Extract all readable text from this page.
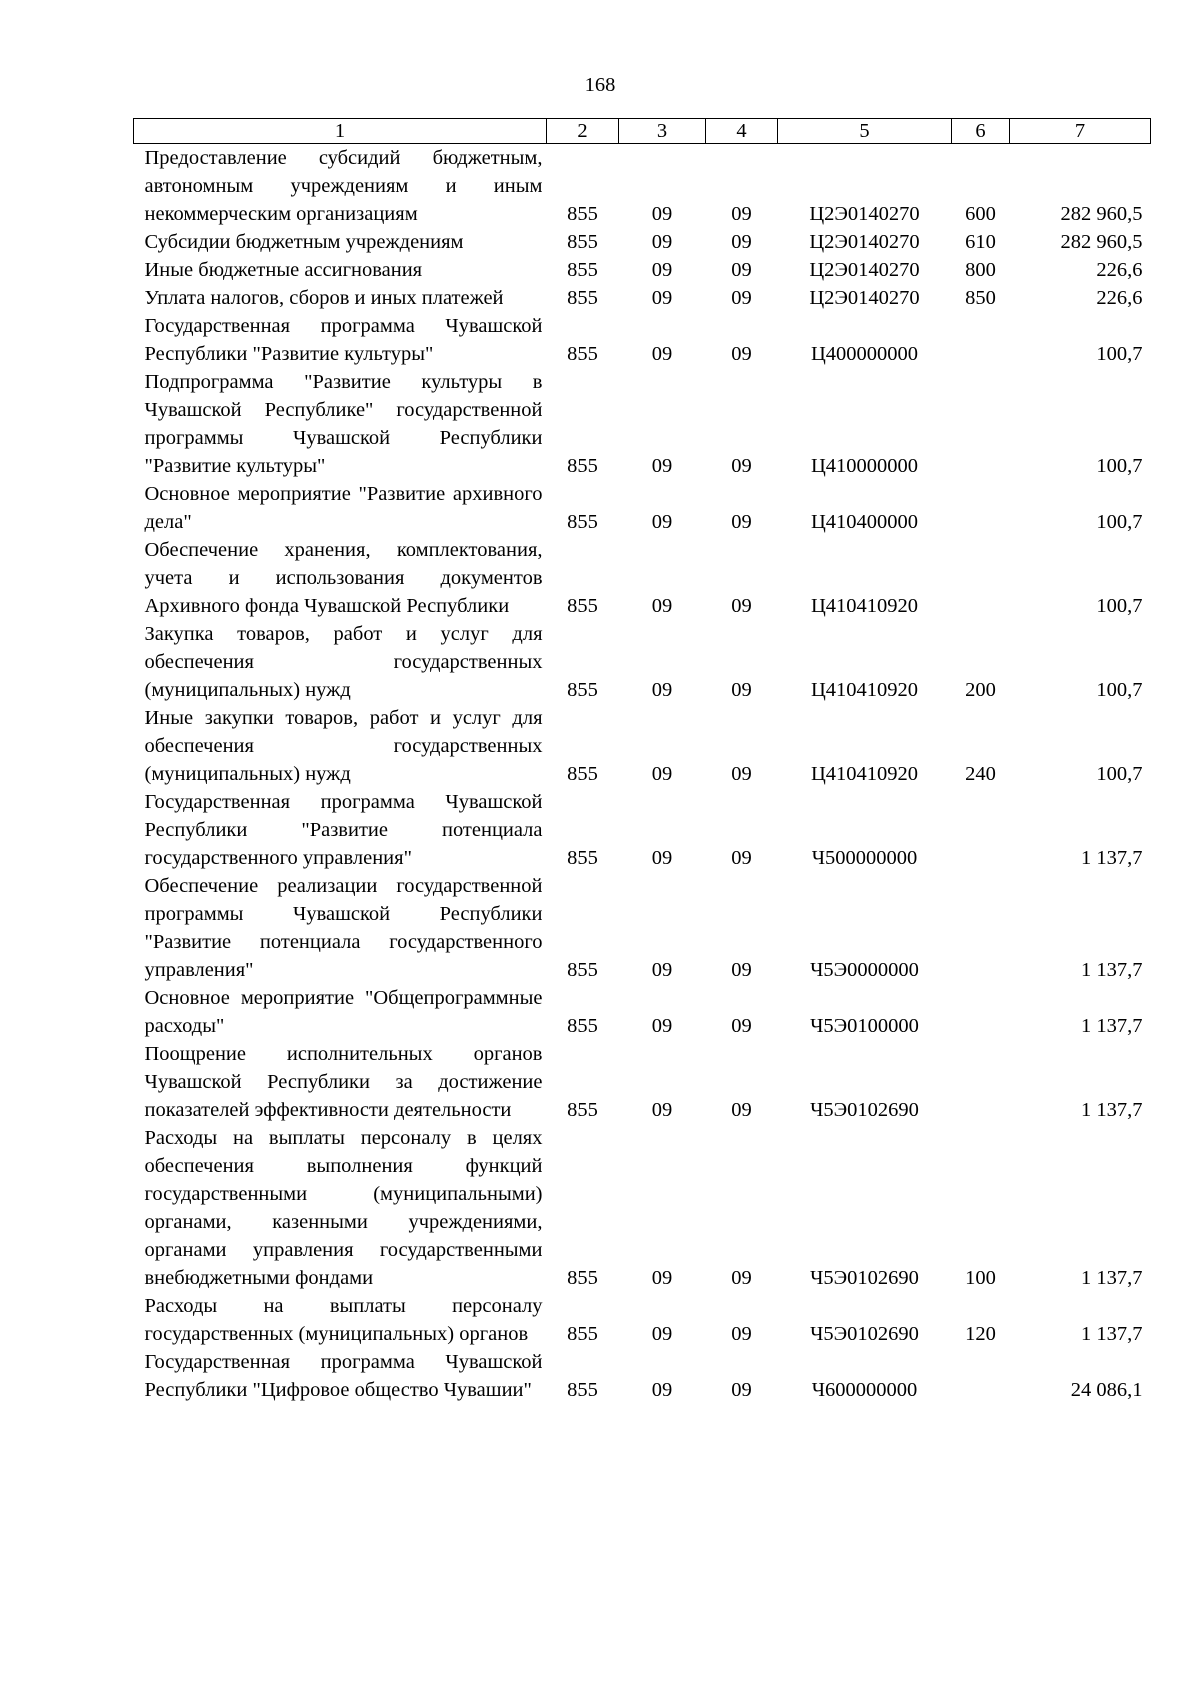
168
1	2	3	4	5	6	7
Предоставление субсидий бюджетным, автономным учреждениям и иным некоммерческим организациям	855	09	09	Ц2Э0140270	600	282 960,5
Субсидии бюджетным учреждениям	855	09	09	Ц2Э0140270	610	282 960,5
Иные бюджетные ассигнования	855	09	09	Ц2Э0140270	800	226,6
Уплата налогов, сборов и иных платежей	855	09	09	Ц2Э0140270	850	226,6
Государственная программа Чувашской Республики "Развитие культуры"	855	09	09	Ц400000000		100,7
Подпрограмма "Развитие культуры в Чувашской Республике" государственной программы Чувашской Республики "Развитие культуры"	855	09	09	Ц410000000		100,7
Основное мероприятие "Развитие архивного дела"	855	09	09	Ц410400000		100,7
Обеспечение хранения, комплектования, учета и использования документов Архивного фонда Чувашской Республики	855	09	09	Ц410410920		100,7
Закупка товаров, работ и услуг для обеспечения государственных (муниципальных) нужд	855	09	09	Ц410410920	200	100,7
Иные закупки товаров, работ и услуг для обеспечения государственных (муниципальных) нужд	855	09	09	Ц410410920	240	100,7
Государственная программа Чувашской Республики "Развитие потенциала государственного управления"	855	09	09	Ч500000000		1 137,7
Обеспечение реализации государственной программы Чувашской Республики "Развитие потенциала государственного управления"	855	09	09	Ч5Э0000000		1 137,7
Основное мероприятие "Общепрограммные расходы"	855	09	09	Ч5Э0100000		1 137,7
Поощрение исполнительных органов Чувашской Республики за достижение показателей эффективности деятельности	855	09	09	Ч5Э0102690		1 137,7
Расходы на выплаты персоналу в целях обеспечения выполнения функций государственными (муниципальными) органами, казенными учреждениями, органами управления государственными внебюджетными фондами	855	09	09	Ч5Э0102690	100	1 137,7
Расходы на выплаты персоналу государственных (муниципальных) органов	855	09	09	Ч5Э0102690	120	1 137,7
Государственная программа Чувашской Республики "Цифровое общество Чувашии"	855	09	09	Ч600000000		24 086,1
